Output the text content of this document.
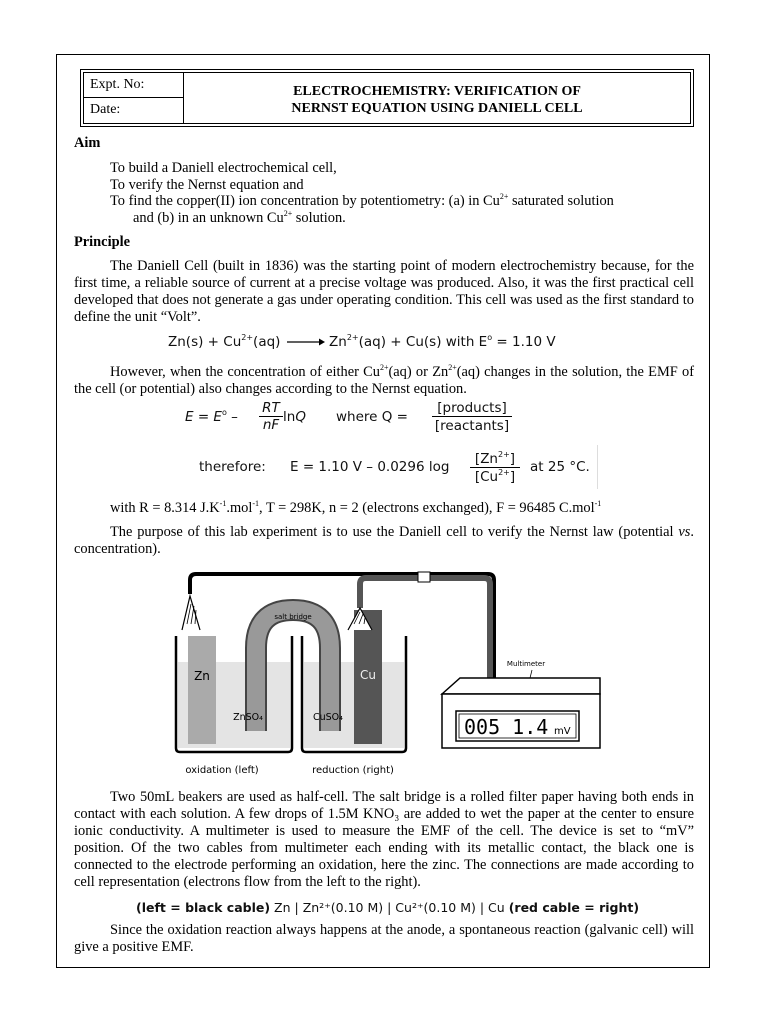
Expt. No:
Date:
ELECTROCHEMISTRY: VERIFICATION OF
NERNST EQUATION USING DANIELL CELL
Aim
To build a Daniell electrochemical cell,
To verify the Nernst equation and
To find the copper(II) ion concentration by potentiometry: (a) in $Cu^{2+}$ saturated solution
and (b) in an unknown $Cu^{2+}$ solution.
Principle
The Daniell Cell (built in 1836) was the starting point of modern electrochemistry because, for the first time, a reliable source of current at a precise voltage was produced. Also, it was the first practical cell developed that does not generate a gas under operating condition. This cell was used as the first standard to define the unit “Volt”.
$Zn(s) + Cu^{2+}(aq) \to Zn^{2+}(aq) + Cu(s)$ with $E^o = 1.10$ V
However, when the concentration of either $Cu^{2+}(aq)$ or $Zn^{2+}(aq)$ changes in the solution, the EMF of the cell (or potential) also changes according to the Nernst equation.
$E = E^o$ –
RT
nF lnQ where Q =
[products]
[reactants]
therefore: E = 1.10 V – 0.0296 log	$[Zn^{2+}]$
$[Cu^{2+}]$
at 25 °C.
with R = 8.314 $J.K^{-1}.mol^{-1}$, T = 298K, n = 2 (electrons exchanged), F = 96485 C.mol$^{-1}$
The purpose of this lab experiment is to use the Daniell cell to verify the Nernst law (potential vs. concentration).
salt bridge
Zn	Cu
ZnSO₄	CuSO₄
Multimeter
005 1.4 mV
oxidation (left)	reduction (right)
Two 50mL beakers are used as half-cell. The salt bridge is a rolled filter paper having both ends in contact with each solution. A few drops of 1.5M KNO₃ are added to wet the paper at the center to ensure ionic conductivity. A multimeter is used to measure the EMF of the cell. The device is set to “mV” position. Of the two cables from multimeter each ending with its metallic contact, the black one is connected to the electrode performing an oxidation, here the zinc. The connections are made according to cell representation (electrons flow from the left to the right).
(left = black cable) Zn | Zn²⁺(0.10 M) | Cu²⁺(0.10 M) | Cu (red cable = right)
Since the oxidation reaction always happens at the anode, a spontaneous reaction (galvanic cell) will give a positive EMF.
